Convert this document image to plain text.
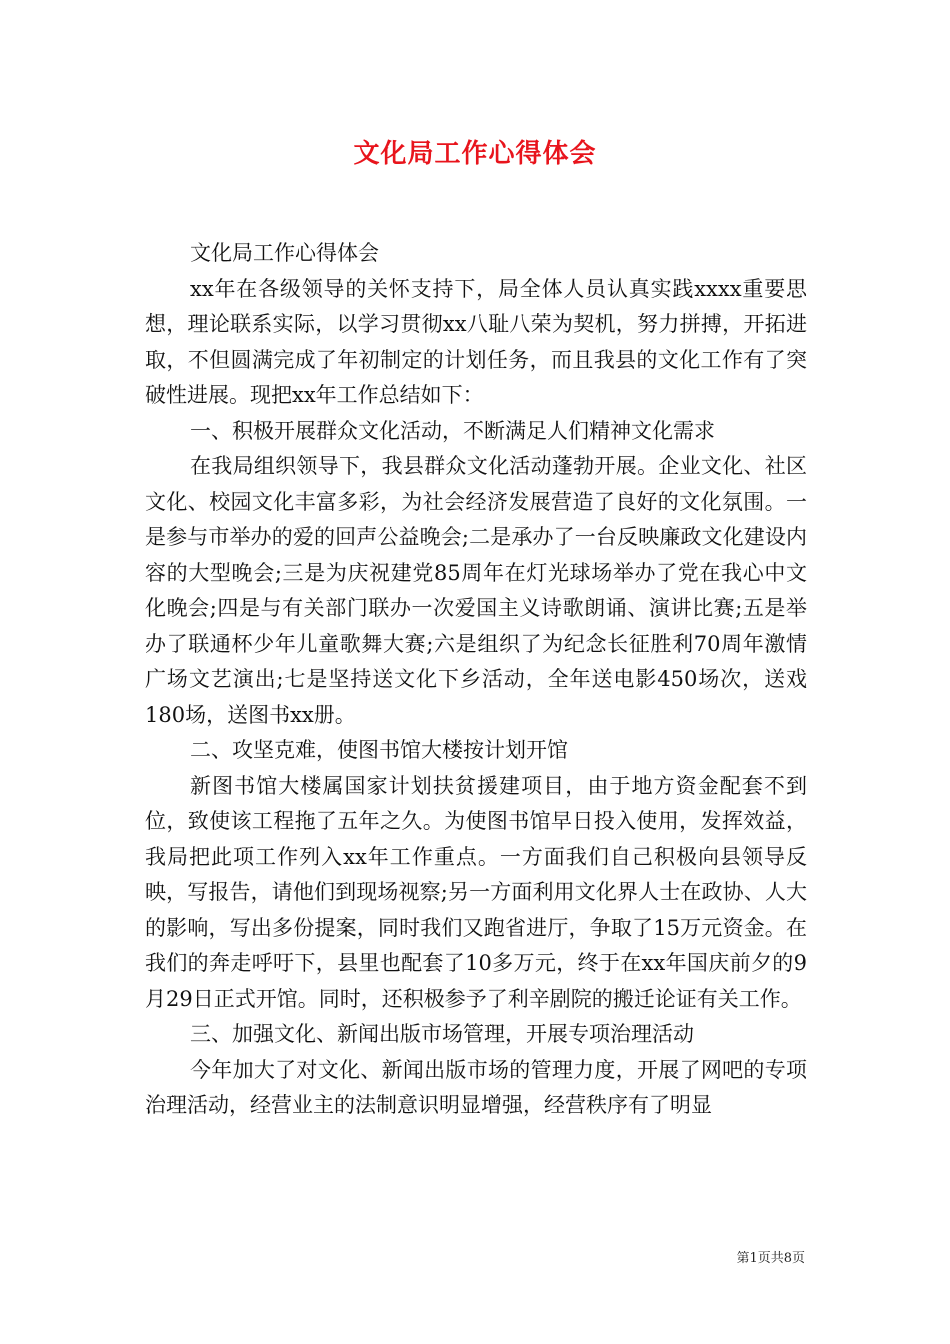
文化局工作心得体会

文化局工作心得体会

xx年在各级领导的关怀支持下，局全体人员认真实践xxxx重要思想，理论联系实际，以学习贯彻xx八耻八荣为契机，努力拼搏，开拓进取，不但圆满完成了年初制定的计划任务，而且我县的文化工作有了突破性进展。现把xx年工作总结如下：

一、积极开展群众文化活动，不断满足人们精神文化需求

在我局组织领导下，我县群众文化活动蓬勃开展。企业文化、社区文化、校园文化丰富多彩，为社会经济发展营造了良好的文化氛围。一是参与市举办的爱的回声公益晚会;二是承办了一台反映廉政文化建设内容的大型晚会;三是为庆祝建党85周年在灯光球场举办了党在我心中文化晚会;四是与有关部门联办一次爱国主义诗歌朗诵、演讲比赛;五是举办了联通杯少年儿童歌舞大赛;六是组织了为纪念长征胜利70周年激情广场文艺演出;七是坚持送文化下乡活动，全年送电影450场次，送戏180场，送图书xx册。

二、攻坚克难，使图书馆大楼按计划开馆

新图书馆大楼属国家计划扶贫援建项目，由于地方资金配套不到位，致使该工程拖了五年之久。为使图书馆早日投入使用，发挥效益，我局把此项工作列入xx年工作重点。一方面我们自己积极向县领导反映，写报告，请他们到现场视察;另一方面利用文化界人士在政协、人大的影响，写出多份提案，同时我们又跑省进厅，争取了15万元资金。在我们的奔走呼吁下，县里也配套了10多万元，终于在xx年国庆前夕的9月29日正式开馆。同时，还积极参予了利辛剧院的搬迁论证有关工作。

三、加强文化、新闻出版市场管理，开展专项治理活动

今年加大了对文化、新闻出版市场的管理力度，开展了网吧的专项治理活动，经营业主的法制意识明显增强，经营秩序有了明显

第1页共8页
